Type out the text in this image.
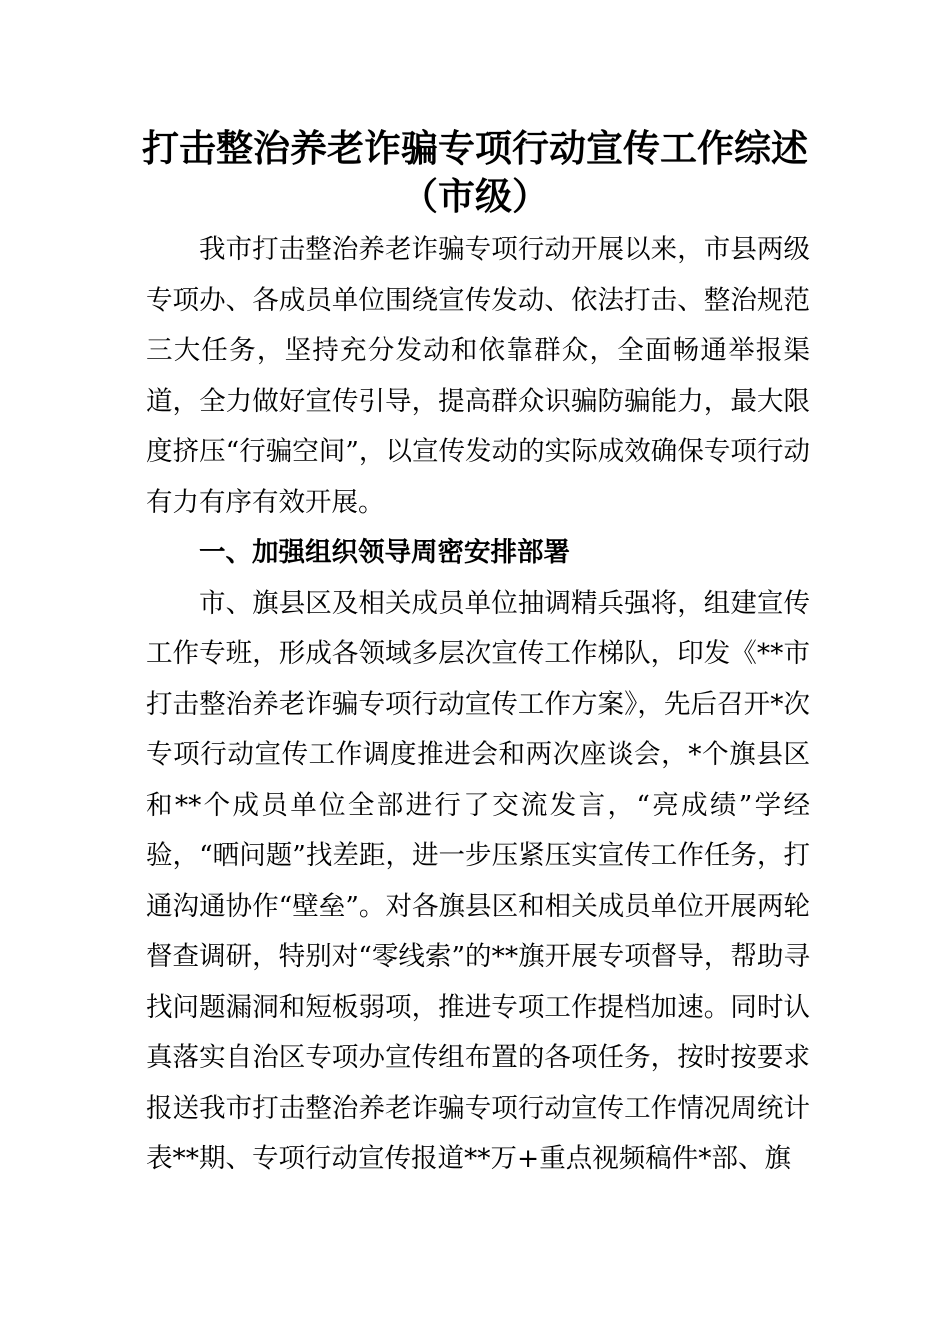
打击整治养老诈骗专项行动宣传工作综述
（市级）

我市打击整治养老诈骗专项行动开展以来，市县两级专项办、各成员单位围绕宣传发动、依法打击、整治规范三大任务，坚持充分发动和依靠群众，全面畅通举报渠道，全力做好宣传引导，提高群众识骗防骗能力，最大限度挤压“行骗空间”，以宣传发动的实际成效确保专项行动有力有序有效开展。

一、加强组织领导周密安排部署

市、旗县区及相关成员单位抽调精兵强将，组建宣传工作专班，形成各领域多层次宣传工作梯队，印发《**市打击整治养老诈骗专项行动宣传工作方案》，先后召开*次专项行动宣传工作调度推进会和两次座谈会，*个旗县区和**个成员单位全部进行了交流发言，“亮成绩”学经验，“晒问题”找差距，进一步压紧压实宣传工作任务，打通沟通协作“壁垒”。对各旗县区和相关成员单位开展两轮督查调研，特别对“零线索”的**旗开展专项督导，帮助寻找问题漏洞和短板弱项，推进专项工作提档加速。同时认真落实自治区专项办宣传组布置的各项任务，按时按要求报送我市打击整治养老诈骗专项行动宣传工作情况周统计表**期、专项行动宣传报道**万+重点视频稿件*部、旗
